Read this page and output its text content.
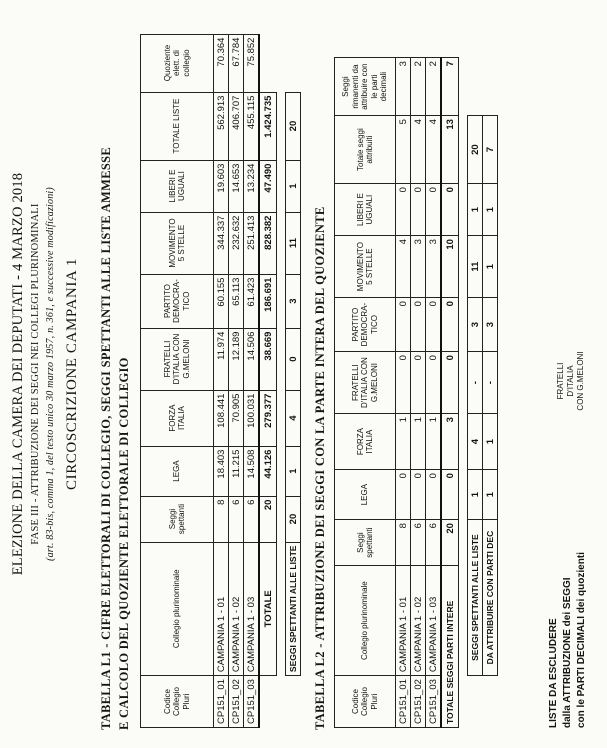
ELEZIONE DELLA CAMERA DEI DEPUTATI - 4 MARZO 2018 FASE III - ATTRIBUZIONE DEI SEGGI NEI COLLEGI PLURINOMINALI (art. 83-bis, comma 1, del testo unico 30 marzo 1957, n. 361, e successive modificazioni) CIRCOSCRIZIONE CAMPANIA 1 TABELLA L1 - CIFRE ELETTORALI DI COLLEGIO, SEGGI SPETTANTI ALLE LISTE AMMESSE E CALCOLO DEL QUOZIENTE ELETTORALE DI COLLEGIO	Codice Collegio Pluri	Collegio plurinominale	Seggi spettanti	LEGA	FORZA ITALIA	FRATELLI D'ITALIA CON G.MELONI	PARTITO DEMOCRA-TICO	MOVIMENTO 5 STELLE	LIBERI E UGUALI	TOTALE LISTE	Quoziente elett. di collegio
CP151_01	CAMPANIA 1 - 01	8	18.403	108.441	11.974	60.155	344.337	19.603	562.913	70.364
CP151_02	CAMPANIA 1 - 02	6	11.215	70.905	12.189	65.113	232.632	14.653	406.707	67.784
CP151_03	CAMPANIA 1 - 03	6	14.508	100.031	14.506	61.423	251.413	13.234	455.115	75.852
	TOTALE	20	44.126	279.377	38.669	186.691	828.382	47.490	1.424.735	

	SEGGI SPETTANTI ALLE LISTE	20	1	4	0	3	11	1	20	
TABELLA L2 - ATTRIBUZIONE DEI SEGGI CON LA PARTE INTERA DEL QUOZIENTE	Codice Collegio Pluri	Collegio plurinominale	Seggi spettanti	LEGA	FORZA ITALIA	FRATELLI D'ITALIA CON G.MELONI	PARTITO DEMOCRA-TICO	MOVIMENTO 5 STELLE	LIBERI E UGUALI	Totale seggi attribuiti	Seggi rimanenti da attribuire con le parti decimali
CP151_01	CAMPANIA 1 - 01	8	0	1	0	0	4	0	5	3
CP151_02	CAMPANIA 1 - 02	6	0	1	0	0	3	0	4	2
CP151_03	CAMPANIA 1 - 03	6	0	1	0	0	3	0	4	2
TOTALE SEGGI PARTI INTERE		20	0	3	0	0	10	0	13	7

	SEGGI SPETTANTI ALLE LISTE		1	4	-	3	11	1	20	
	DA ATTRIBUIRE CON PARTI DEC		1	1	-	3	1	1	7	
LISTE DA ESCLUDERE dalla ATTRIBUZIONE dei SEGGI con le PARTI DECIMALI dei quozienti
FRATELLI D'ITALIA CON G.MELONI
